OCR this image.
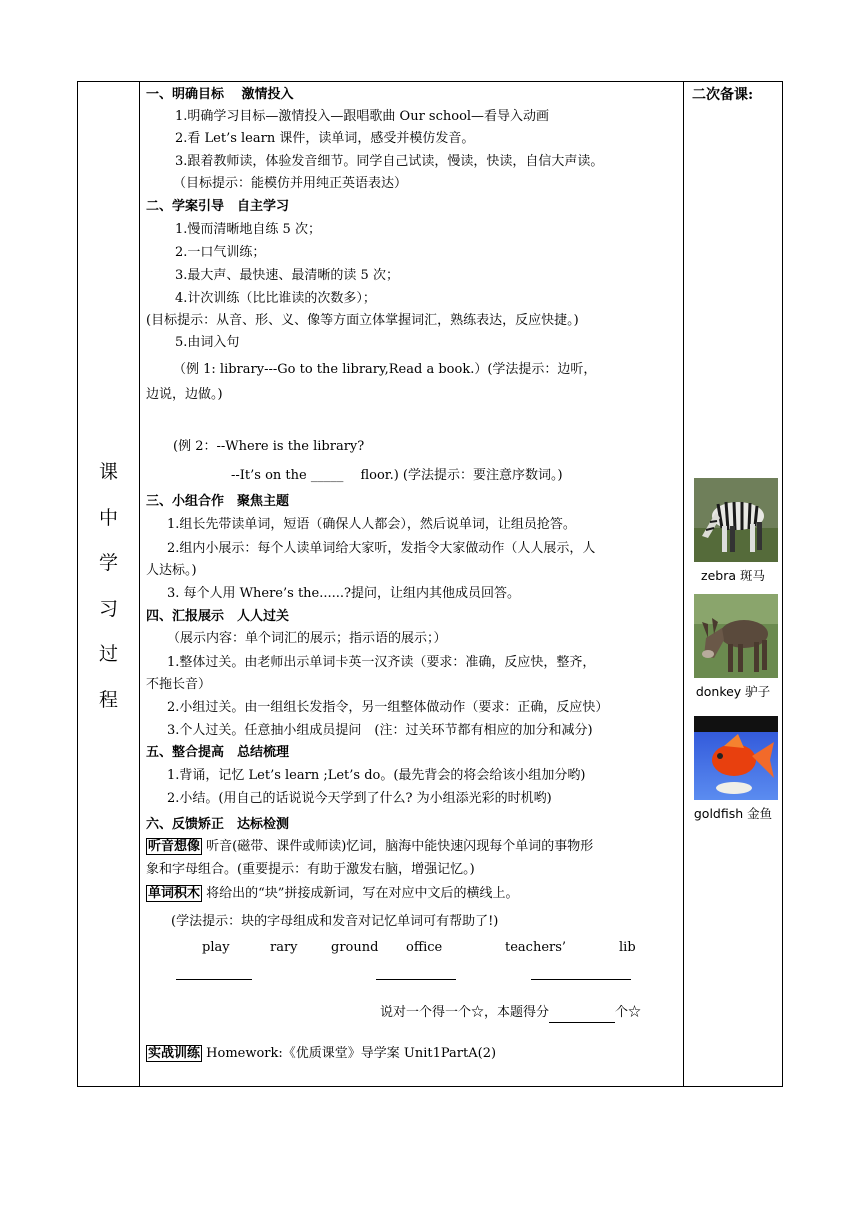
课
中
学
习
过
程
一、明确目标　 激情投入
1.明确学习目标—激情投入—跟唱歌曲 Our school—看导入动画
2.看 Let’s learn 课件，读单词，感受并模仿发音。
3.跟着教师读，体验发音细节。同学自己试读，慢读，快读，自信大声读。
（目标提示：能模仿并用纯正英语表达）
二、学案引导　自主学习
1.慢而清晰地自练 5 次；
2.一口气训练；
3.最大声、最快速、最清晰的读 5 次；
4.计次训练（比比谁读的次数多）；
(目标提示：从音、形、义、像等方面立体掌握词汇，熟练表达，反应快捷。)
5.由词入句
（例 1: library---Go to the library,Read a book.）(学法提示：边听，
边说，边做。)
(例 2：--Where is the library?
--It’s on the _____　 floor.) (学法提示：要注意序数词。)
三、小组合作　聚焦主题
1.组长先带读单词，短语（确保人人都会），然后说单词，让组员抢答。
2.组内小展示：每个人读单词给大家听，发指令大家做动作（人人展示，人
人达标。)
3. 每个人用 Where’s the......?提问，让组内其他成员回答。
四、汇报展示　人人过关
（展示内容：单个词汇的展示；指示语的展示；）
1.整体过关。由老师出示单词卡英一汉齐读（要求：准确，反应快，整齐，
不拖长音）
2.小组过关。由一组组长发指令，另一组整体做动作（要求：正确，反应快）
3.个人过关。任意抽小组成员提问　(注：过关环节都有相应的加分和减分)
五、整合提高　总结梳理
1.背诵，记忆 Let’s learn ;Let’s do。(最先背会的将会给该小组加分哟)
2.小结。(用自己的话说说今天学到了什么? 为小组添光彩的时机哟)
六、反馈矫正　达标检测
听音想像 听音(磁带、课件或师读)忆词，脑海中能快速闪现每个单词的事物形
象和字母组合。(重要提示：有助于激发右脑，增强记忆。)
单词积木 将给出的“块”拼接成新词，写在对应中文后的横线上。
(学法提示：块的字母组成和发音对记忆单词可有帮助了!)
play	rary	ground office	teachers’	lib
说对一个得一个☆，本题得分	个☆
实战训练 Homework:《优质课堂》导学案 Unit1PartA(2)
二次备课:
zebra 斑马
donkey 驴子
goldfish 金鱼
